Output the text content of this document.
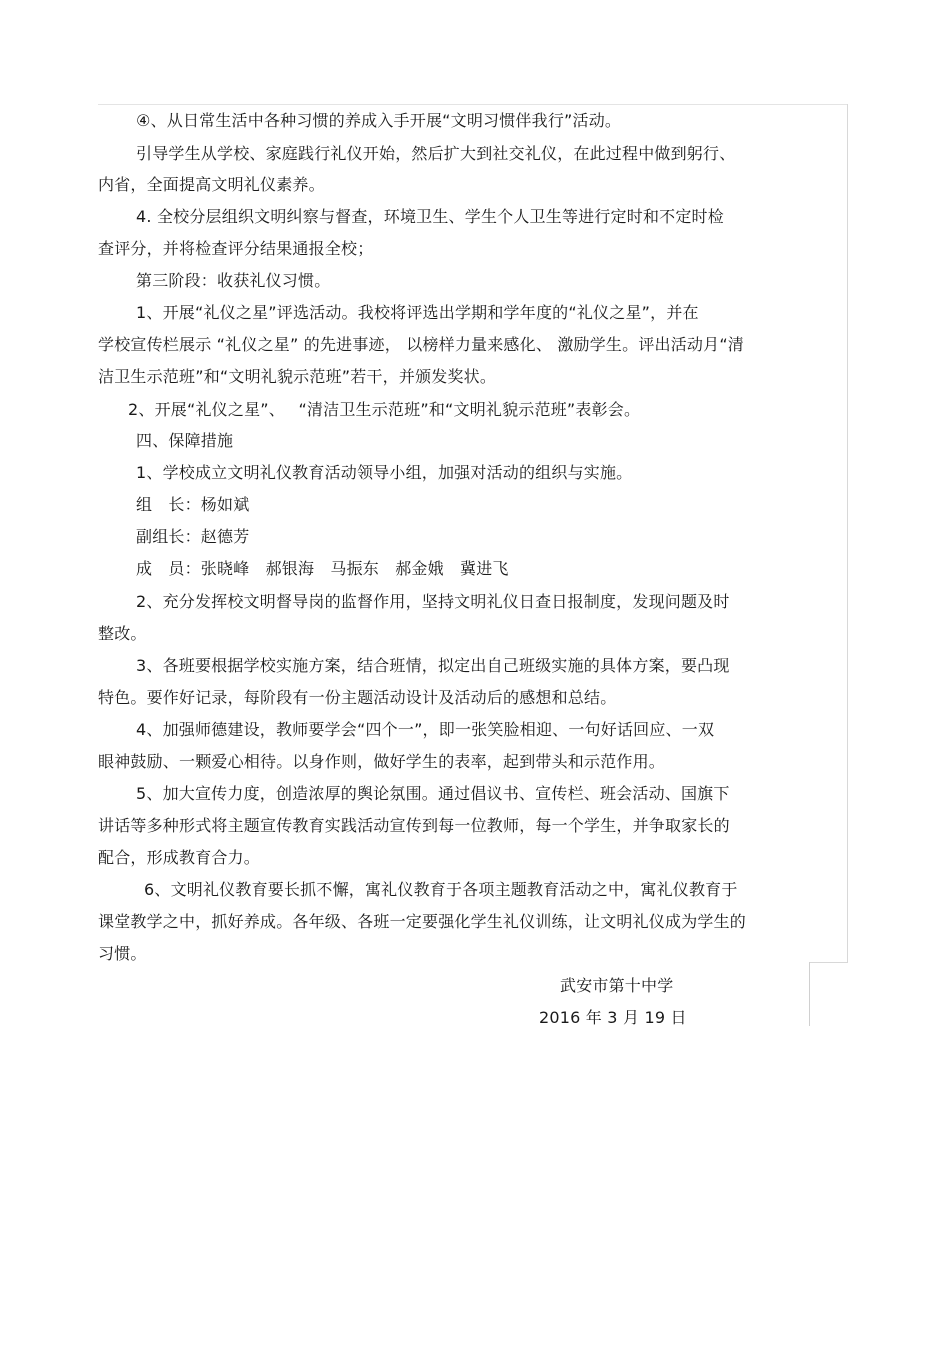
④、从日常生活中各种习惯的养成入手开展“文明习惯伴我行”活动。
引导学生从学校、家庭践行礼仪开始，然后扩大到社交礼仪，在此过程中做到躬行、
内省，全面提高文明礼仪素养。
4. 全校分层组织文明纠察与督查，环境卫生、学生个人卫生等进行定时和不定时检
查评分，并将检查评分结果通报全校；
第三阶段：收获礼仪习惯。
1、开展“礼仪之星”评选活动。我校将评选出学期和学年度的“礼仪之星”，并在
学校宣传栏展示 “礼仪之星” 的先进事迹， 以榜样力量来感化、 激励学生。评出活动月“清
洁卫生示范班”和“文明礼貌示范班”若干，并颁发奖状。
2、开展“礼仪之星”、　 “清洁卫生示范班”和“文明礼貌示范班”表彰会。
四、保障措施
1、学校成立文明礼仪教育活动领导小组，加强对活动的组织与实施。
组　长：杨如斌
副组长：赵德芳
成　员：张晓峰　郝银海　马振东　郝金娥　冀进飞
2、充分发挥校文明督导岗的监督作用，坚持文明礼仪日查日报制度，发现问题及时
整改。
3、各班要根据学校实施方案，结合班情，拟定出自己班级实施的具体方案，要凸现
特色。要作好记录，每阶段有一份主题活动设计及活动后的感想和总结。
4、加强师德建设，教师要学会“四个一”，即一张笑脸相迎、一句好话回应、一双
眼神鼓励、一颗爱心相待。以身作则，做好学生的表率，起到带头和示范作用。
5、加大宣传力度，创造浓厚的舆论氛围。通过倡议书、宣传栏、班会活动、国旗下
讲话等多种形式将主题宣传教育实践活动宣传到每一位教师，每一个学生，并争取家长的
配合，形成教育合力。
6、文明礼仪教育要长抓不懈，寓礼仪教育于各项主题教育活动之中，寓礼仪教育于
课堂教学之中，抓好养成。各年级、各班一定要强化学生礼仪训练，让文明礼仪成为学生的
习惯。
武安市第十中学
2016 年 3 月 19 日
